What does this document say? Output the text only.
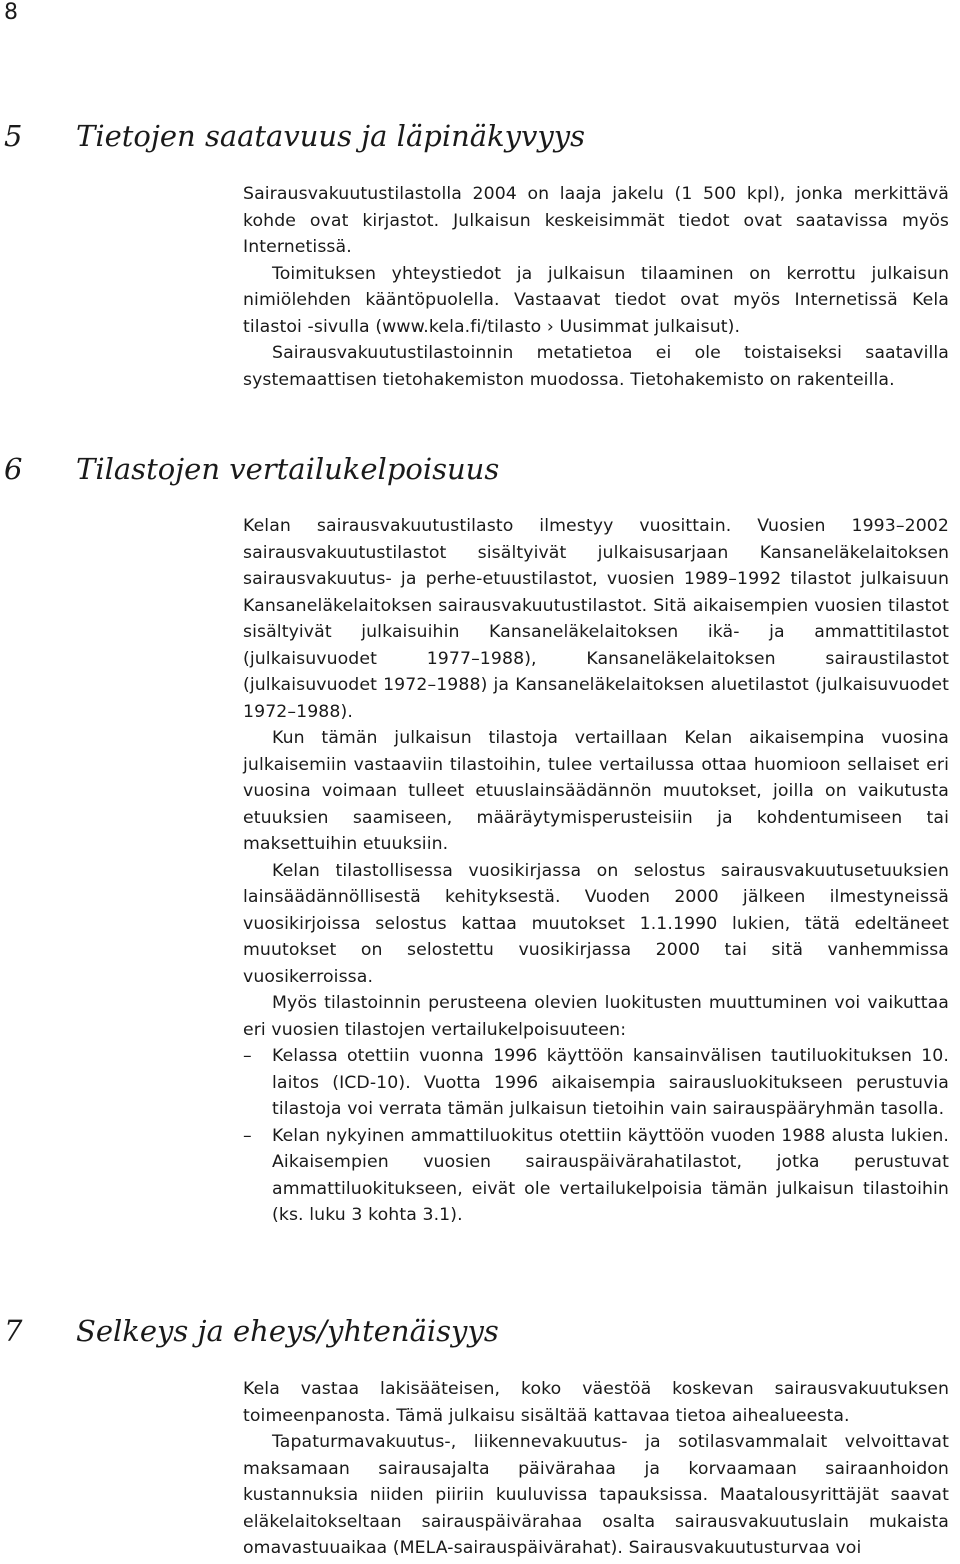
8
5 Tietojen saatavuus ja läpinäkyvyys

Sairausvakuutustilastolla 2004 on laaja jakelu (1 500 kpl), jonka merkittävä kohde ovat kirjastot. Julkaisun keskeisimmät tiedot ovat saatavissa myös Internetissä.

Toimituksen yhteystiedot ja julkaisun tilaaminen on kerrottu julkaisun nimiölehden kääntöpuolella. Vastaavat tiedot ovat myös Internetissä Kela tilastoi -sivulla (www.kela.fi/tilasto › Uusimmat julkaisut).

Sairausvakuutustilastoinnin metatietoa ei ole toistaiseksi saatavilla systemaattisen tietohakemiston muodossa. Tietohakemisto on rakenteilla.

6 Tilastojen vertailukelpoisuus

Kelan sairausvakuutustilasto ilmestyy vuosittain. Vuosien 1993–2002 sairausvakuutustilastot sisältyivät julkaisusarjaan Kansaneläkelaitoksen sairausvakuutus- ja perhe-etuustilastot, vuosien 1989–1992 tilastot julkaisuun Kansaneläkelaitoksen sairausvakuutustilastot. Sitä aikaisempien vuosien tilastot sisältyivät julkaisuihin Kansaneläkelaitoksen ikä- ja ammattitilastot (julkaisuvuodet 1977–1988), Kansaneläkelaitoksen sairaustilastot (julkaisuvuodet 1972–1988) ja Kansaneläkelaitoksen aluetilastot (julkaisuvuodet 1972–1988).

Kun tämän julkaisun tilastoja vertaillaan Kelan aikaisempina vuosina julkaisemiin vastaaviin tilastoihin, tulee vertailussa ottaa huomioon sellaiset eri vuosina voimaan tulleet etuuslainsäädännön muutokset, joilla on vaikutusta etuuksien saamiseen, määräytymisperusteisiin ja kohdentumiseen tai maksettuihin etuuksiin.

Kelan tilastollisessa vuosikirjassa on selostus sairausvakuutusetuuksien lainsäädännöllisestä kehityksestä. Vuoden 2000 jälkeen ilmestyneissä vuosikirjoissa selostus kattaa muutokset 1.1.1990 lukien, tätä edeltäneet muutokset on selostettu vuosikirjassa 2000 tai sitä vanhemmissa vuosikerroissa.

Myös tilastoinnin perusteena olevien luokitusten muuttuminen voi vaikuttaa eri vuosien tilastojen vertailukelpoisuuteen:

– Kelassa otettiin vuonna 1996 käyttöön kansainvälisen tautiluokituksen 10. laitos (ICD-10). Vuotta 1996 aikaisempia sairausluokitukseen perustuvia tilastoja voi verrata tämän julkaisun tietoihin vain sairauspääryhmän tasolla.
– Kelan nykyinen ammattiluokitus otettiin käyttöön vuoden 1988 alusta lukien. Aikaisempien vuosien sairauspäivärahatilastot, jotka perustuvat ammattiluokitukseen, eivät ole vertailukelpoisia tämän julkaisun tilastoihin (ks. luku 3 kohta 3.1).
7 Selkeys ja eheys/yhtenäisyys

Kela vastaa lakisääteisen, koko väestöä koskevan sairausvakuutuksen toimeenpanosta. Tämä julkaisu sisältää kattavaa tietoa aihealueesta.

Tapaturmavakuutus-, liikennevakuutus- ja sotilasvammalait velvoittavat maksamaan sairausajalta päivärahaa ja korvaamaan sairaanhoidon kustannuksia niiden piiriin kuuluvissa tapauksissa. Maatalousyrittäjät saavat eläkelaitokseltaan sairauspäivärahaa osalta sairausvakuutuslain mukaista omavastuuaikaa (MELA-sairauspäivärahat). Sairausvakuutusturvaa voi
